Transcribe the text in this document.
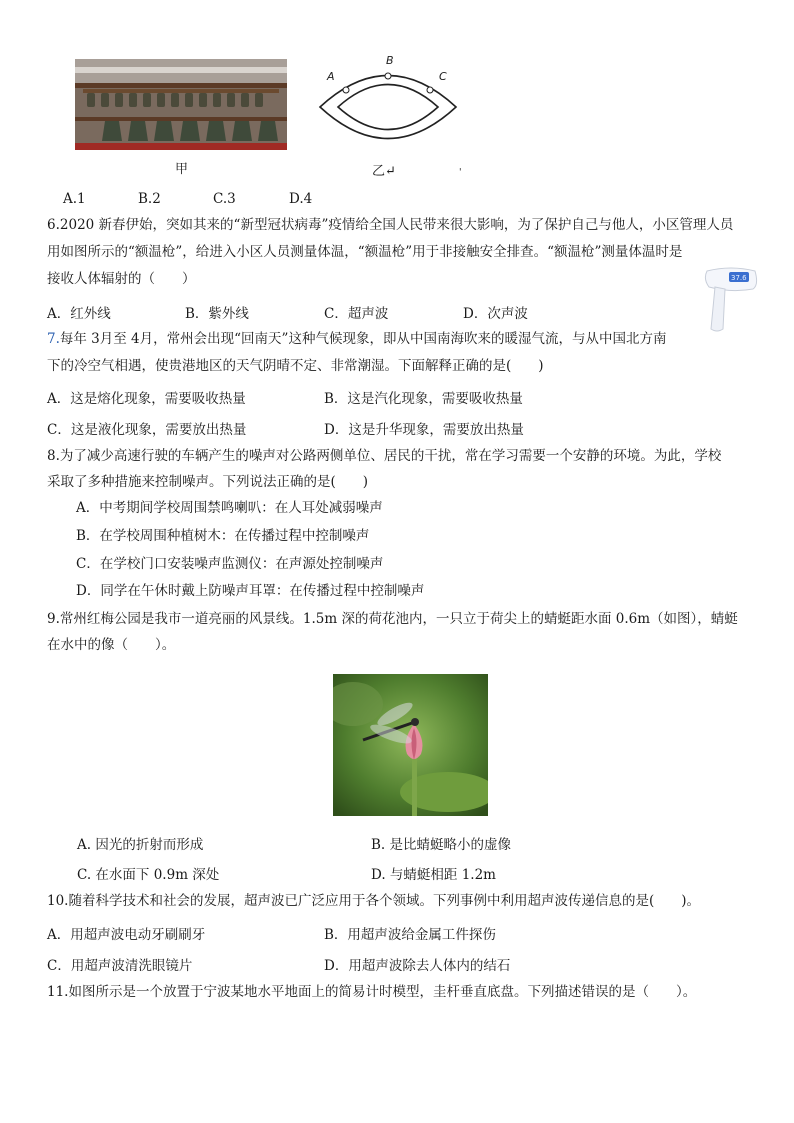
甲
A
B
C
乙↵	'
A.1	B.2	C.3	D.4
6.2020 新春伊始，突如其来的“新型冠状病毒”疫情给全国人民带来很大影响，为了保护自己与他人，小区管理人员
用如图所示的“额温枪”，给进入小区人员测量体温，“额温枪”用于非接触安全排查。“额温枪”测量体温时是
接收人体辐射的（　　）	37.6
A．红外线	B．紫外线	C．超声波	D．次声波
7.每年 3月至 4月，常州会出现“回南天”这种气候现象，即从中国南海吹来的暖湿气流，与从中国北方南
下的冷空气相遇，使贵港地区的天气阴晴不定、非常潮湿。下面解释正确的是(　　)
A．这是熔化现象，需要吸收热量	B．这是汽化现象，需要吸收热量
C．这是液化现象，需要放出热量	D．这是升华现象，需要放出热量
8.为了减少高速行驶的车辆产生的噪声对公路两侧单位、居民的干扰，常在学习需要一个安静的环境。为此，学校
采取了多种措施来控制噪声。下列说法正确的是(　　)
A．中考期间学校周围禁鸣喇叭：在人耳处减弱噪声
B．在学校周围种植树木：在传播过程中控制噪声
C．在学校门口安装噪声监测仪：在声源处控制噪声
D．同学在午休时戴上防噪声耳罩：在传播过程中控制噪声
9.常州红梅公园是我市一道亮丽的风景线。1.5m 深的荷花池内，一只立于荷尖上的蜻蜓距水面 0.6m（如图），蜻蜓
在水中的像（　　）。
A. 因光的折射而形成	B. 是比蜻蜓略小的虚像
C. 在水面下 0.9m 深处	D. 与蜻蜓相距 1.2m
10.随着科学技术和社会的发展，超声波已广泛应用于各个领域。下列事例中利用超声波传递信息的是(　　)。
A．用超声波电动牙刷刷牙	B．用超声波给金属工件探伤
C．用超声波清洗眼镜片	D．用超声波除去人体内的结石
11.如图所示是一个放置于宁波某地水平地面上的简易计时模型，圭杆垂直底盘。下列描述错误的是（　　）。
